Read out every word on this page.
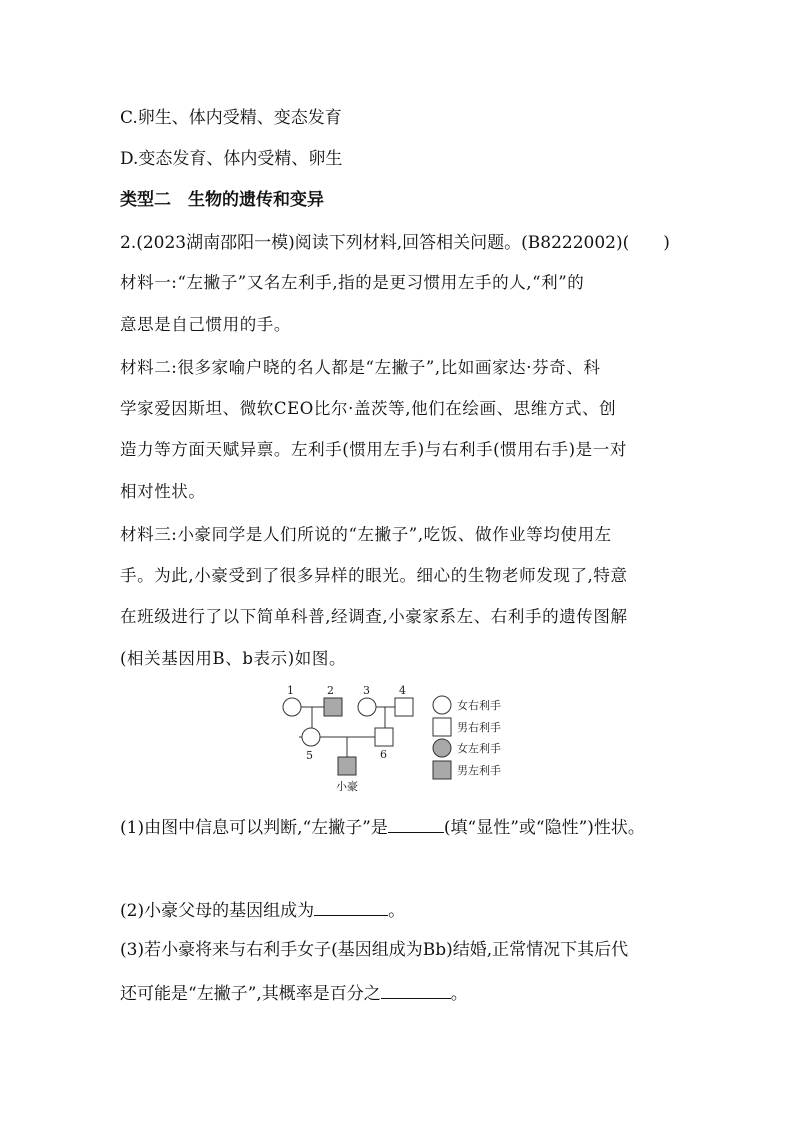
C.卵生、体内受精、变态发育
D.变态发育、体内受精、卵生
类型二　生物的遗传和变异
2.(2023湖南邵阳一模)阅读下列材料,回答相关问题。(B8222002)(　　)
材料一:“左撇子”又名左利手,指的是更习惯用左手的人,“利”的
意思是自己惯用的手。
材料二:很多家喻户晓的名人都是“左撇子”,比如画家达·芬奇、科
学家爱因斯坦、微软CEO比尔·盖茨等,他们在绘画、思维方式、创
造力等方面天赋异禀。左利手(惯用左手)与右利手(惯用右手)是一对
相对性状。
材料三:小豪同学是人们所说的“左撇子”,吃饭、做作业等均使用左
手。为此,小豪受到了很多异样的眼光。细心的生物老师发现了,特意
在班级进行了以下简单科普,经调查,小豪家系左、右利手的遗传图解
(相关基因用B、b表示)如图。
1	2	3	4
5	6
小豪
女右利手
男右利手
女左利手
男左利手
(1)由图中信息可以判断,“左撇子”是	(填“显性”或“隐性”)性状。
(2)小豪父母的基因组成为	。
(3)若小豪将来与右利手女子(基因组成为Bb)结婚,正常情况下其后代
还可能是“左撇子”,其概率是百分之	。
